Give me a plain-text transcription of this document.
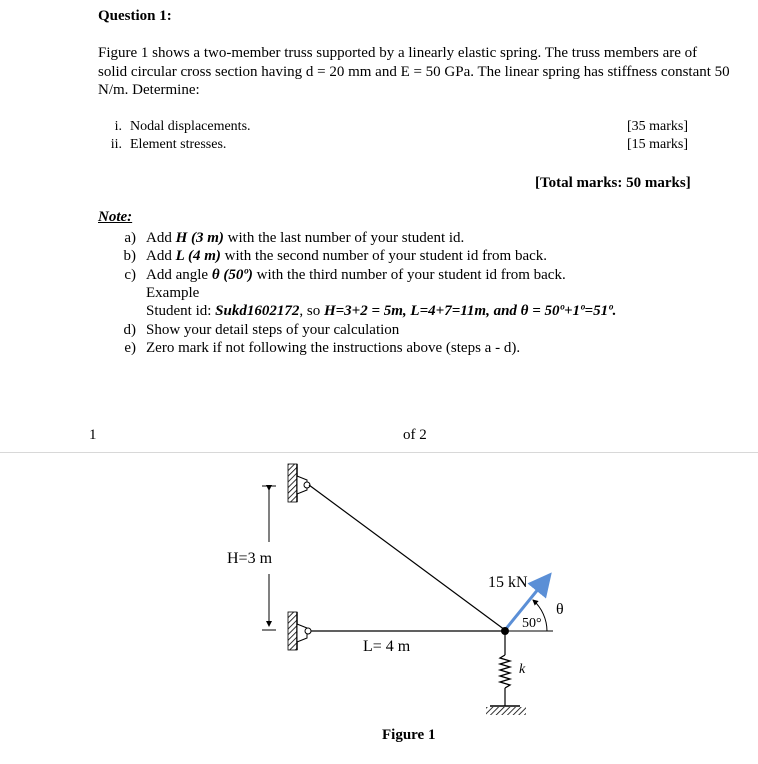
Question 1:
Figure 1 shows a two-member truss supported by a linearly elastic spring. The truss members are of solid circular cross section having d = 20 mm and E = 50 GPa. The linear spring has stiffness constant 50 N/m. Determine:
i. Nodal displacements.	[35 marks]
ii. Element stresses.	[15 marks]
[Total marks: 50 marks]
Note:
a) Add H (3 m) with the last number of your student id.
b) Add L (4 m) with the second number of your student id from back.
c) Add angle θ (50º) with the third number of your student id from back.
Example
Student id: Sukd1602172, so H=3+2 = 5m, L=4+7=11m, and θ = 50º+1º=51º.
d) Show your detail steps of your calculation
e) Zero mark if not following the instructions above (steps a - d).
1	of 2
H=3 m
L= 4 m
15 kN
50°
θ
k
Figure 1
